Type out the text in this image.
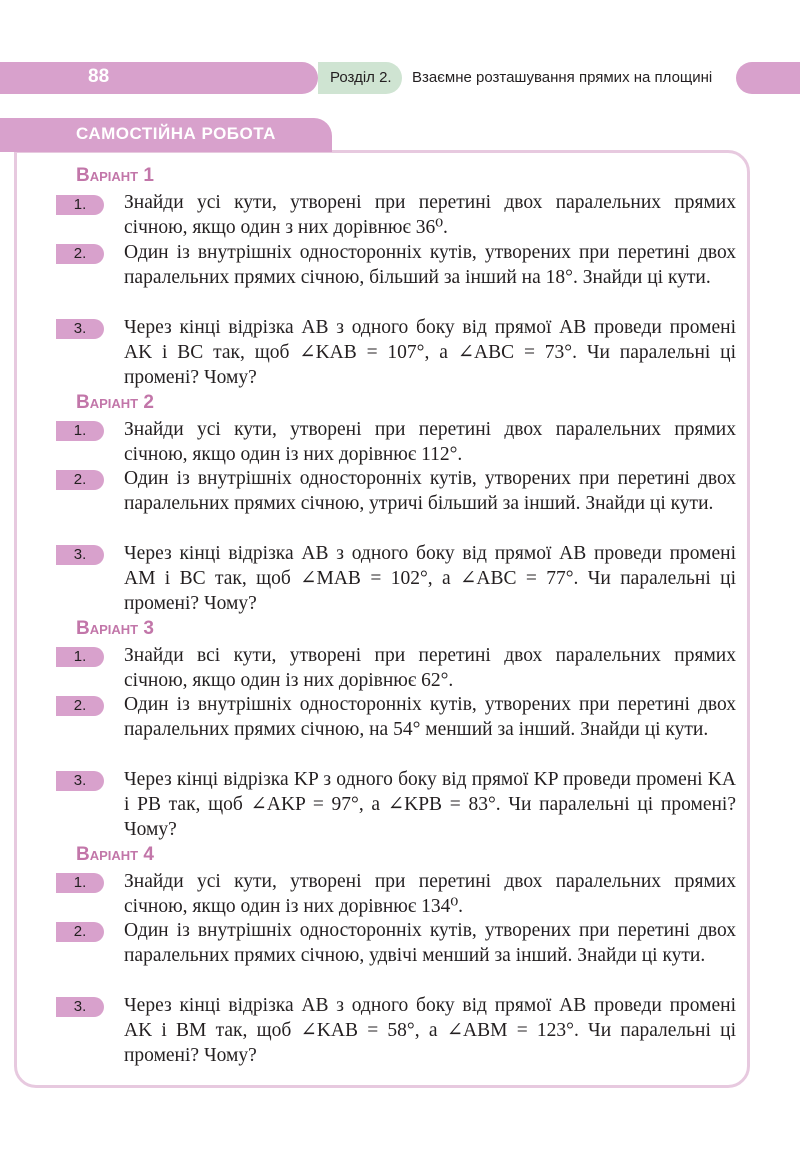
88	Розділ 2.	Взаємне розташування прямих на площині
САМОСТІЙНА РОБОТА
Варіант 1
1.	Знайди усі кути, утворені при перетині двох паралельних прямих січною, якщо один з них дорівнює 36⁰.
2.	Один із внутрішніх односторонніх кутів, утворених при перетині двох паралельних прямих січною, більший за інший на 18°. Знайди ці кути.
3.	Через кінці відрізка AB з одного боку від прямої AB проведи промені AK і BC так, щоб ∠KAB = 107°, а ∠ABC = 73°. Чи паралельні ці промені? Чому?
Варіант 2
1.	Знайди усі кути, утворені при перетині двох паралельних прямих січною, якщо один із них дорівнює 112°.
2.	Один із внутрішніх односторонніх кутів, утворених при перетині двох паралельних прямих січною, утричі більший за інший. Знайди ці кути.
3.	Через кінці відрізка AB з одного боку від прямої AB проведи промені AM і BC так, щоб ∠MAB = 102°, а ∠ABC = 77°. Чи паралельні ці промені? Чому?
Варіант 3
1.	Знайди всі кути, утворені при перетині двох паралельних прямих січною, якщо один із них дорівнює 62°.
2.	Один із внутрішніх односторонніх кутів, утворених при перетині двох паралельних прямих січною, на 54° менший за інший. Знайди ці кути.
3.	Через кінці відрізка KP з одного боку від прямої KP проведи промені KA і PB так, щоб ∠AKP = 97°, а ∠KPB = 83°. Чи паралельні ці промені? Чому?
Варіант 4
1.	Знайди усі кути, утворені при перетині двох паралельних прямих січною, якщо один із них дорівнює 134⁰.
2.	Один із внутрішніх односторонніх кутів, утворених при перетині двох паралельних прямих січною, удвічі менший за інший. Знайди ці кути.
3.	Через кінці відрізка AB з одного боку від прямої AB проведи промені AK і BM так, щоб ∠KAB = 58°, а ∠ABM = 123°. Чи паралельні ці промені? Чому?
